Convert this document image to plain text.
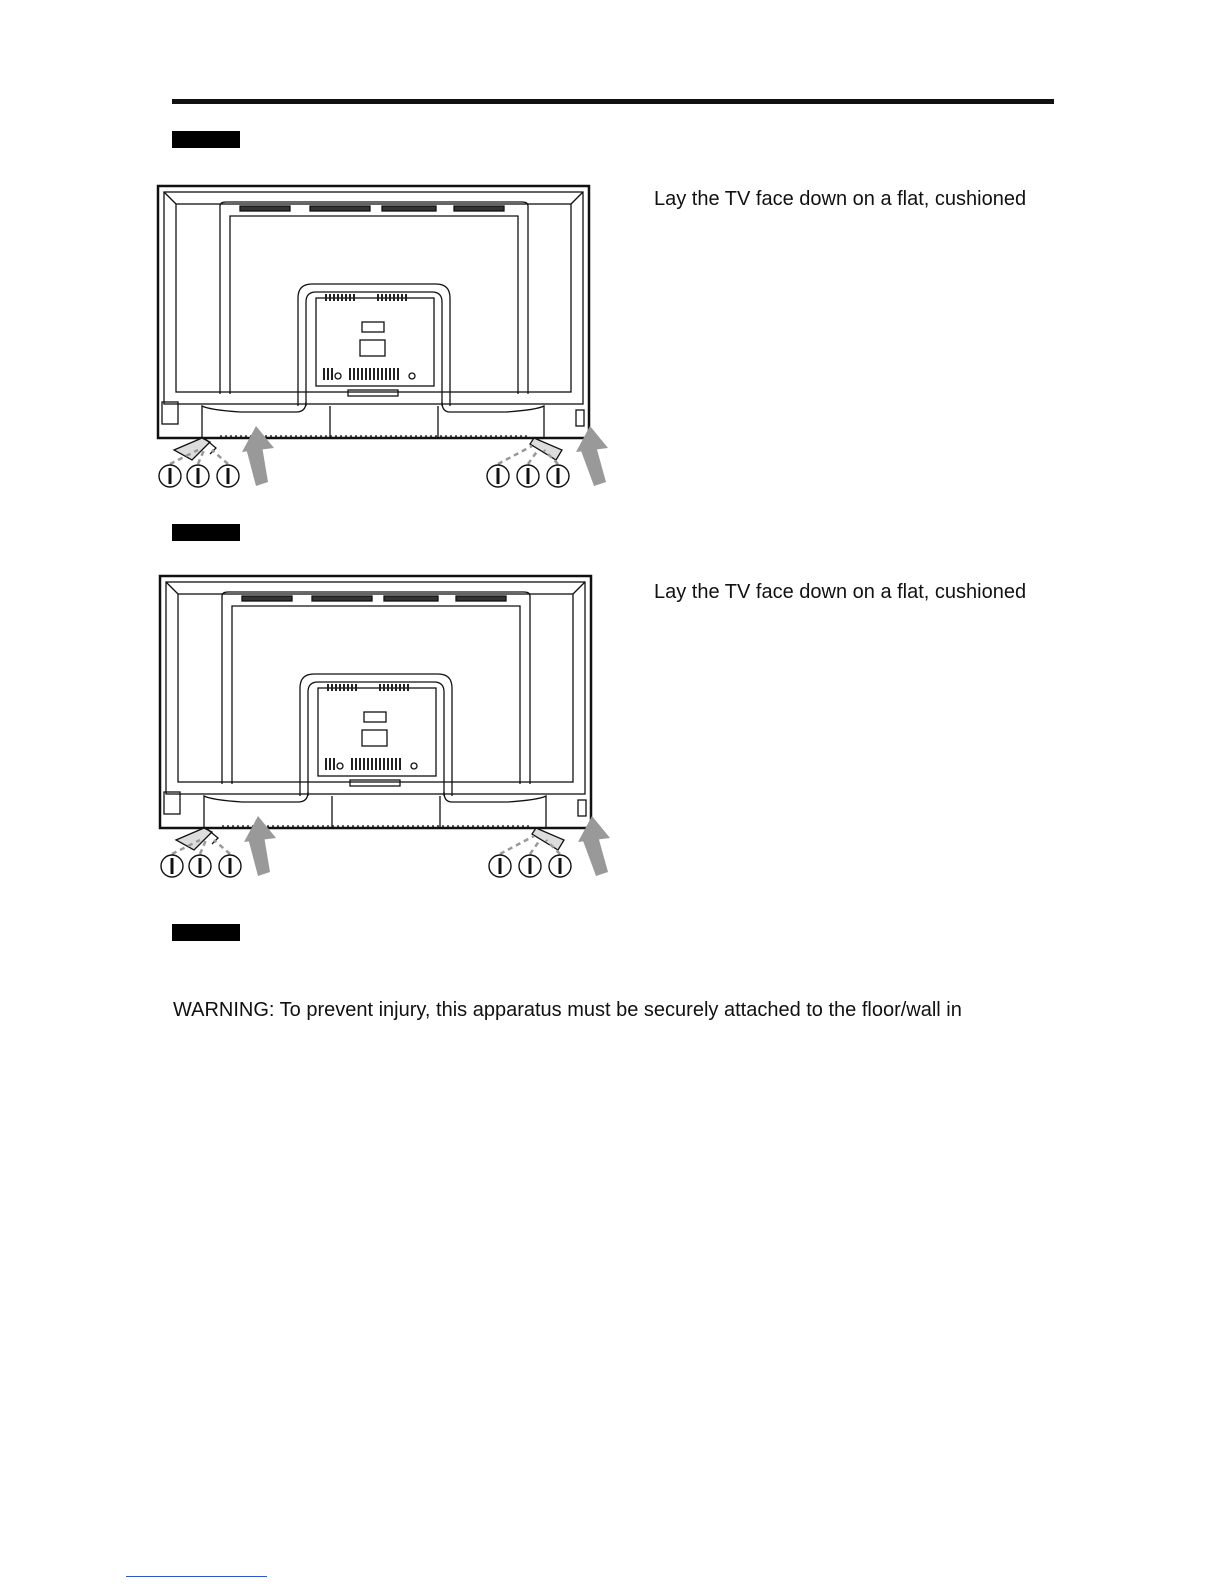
Lay the TV face down on a flat, cushioned
Lay the TV face down on a flat, cushioned
WARNING: To prevent injury, this apparatus must be securely attached to the floor/wall in
